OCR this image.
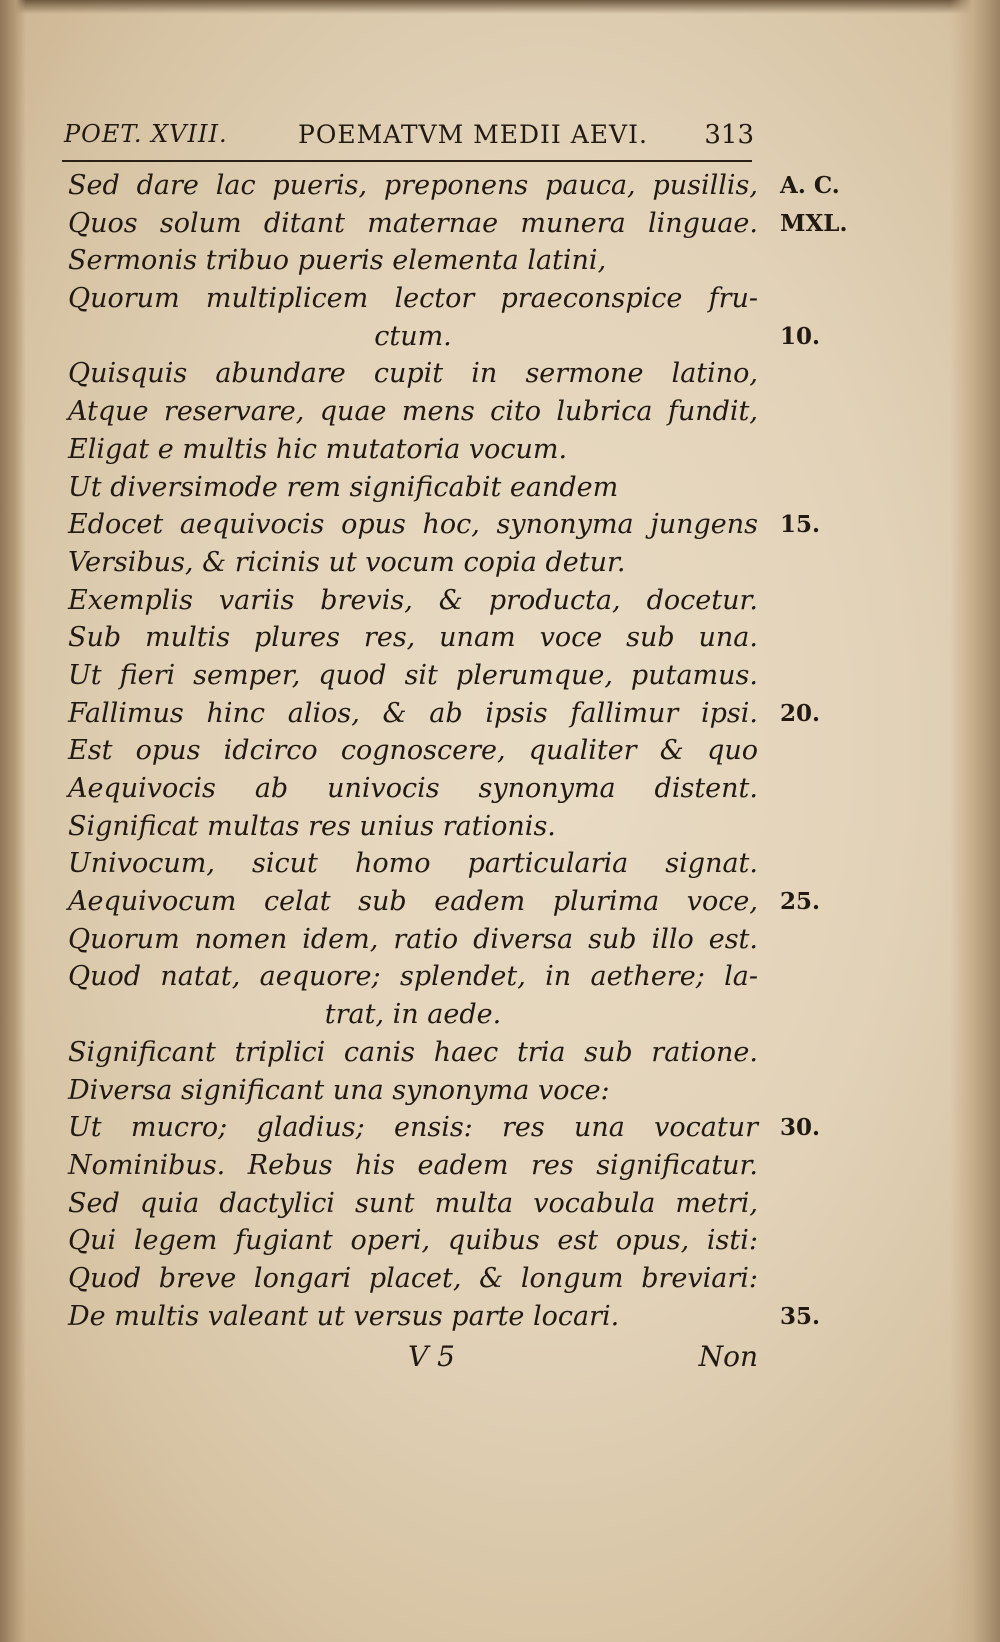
POET. XVIII.	POEMATVM MEDII AEVI. 313
Sed dare lac pueris, preponens pauca, pusillis,
Quos solum ditant maternae munera linguae.
Sermonis tribuo pueris elementa latini,
Quorum multiplicem lector praeconspice fru-
ctum.
Quisquis abundare cupit in sermone latino,
Atque reservare, quae mens cito lubrica fundit,
Eligat e multis hic mutatoria vocum.
Ut diversimode rem significabit eandem
Edocet aequivocis opus hoc, synonyma jungens
Versibus, & ricinis ut vocum copia detur.
Exemplis variis brevis, & producta, docetur.
Sub multis plures res, unam voce sub una.
Ut fieri semper, quod sit plerumque, putamus.
Fallimus hinc alios, & ab ipsis fallimur ipsi.
Est opus idcirco cognoscere, qualiter & quo
Aequivocis ab univocis synonyma distent.
Significat multas res unius rationis.
Univocum, sicut homo particularia signat.
Aequivocum celat sub eadem plurima voce,
Quorum nomen idem, ratio diversa sub illo est.
Quod natat, aequore; splendet, in aethere; la-
trat, in aede.
Significant triplici canis haec tria sub ratione.
Diversa significant una synonyma voce:
Ut mucro; gladius; ensis: res una vocatur
Nominibus. Rebus his eadem res significatur.
Sed quia dactylici sunt multa vocabula metri,
Qui legem fugiant operi, quibus est opus, isti:
Quod breve longari placet, & longum breviari:
De multis valeant ut versus parte locari.
A. C.
MXL.
10.
15.
20.
25.
30.
35.
V 5	Non
